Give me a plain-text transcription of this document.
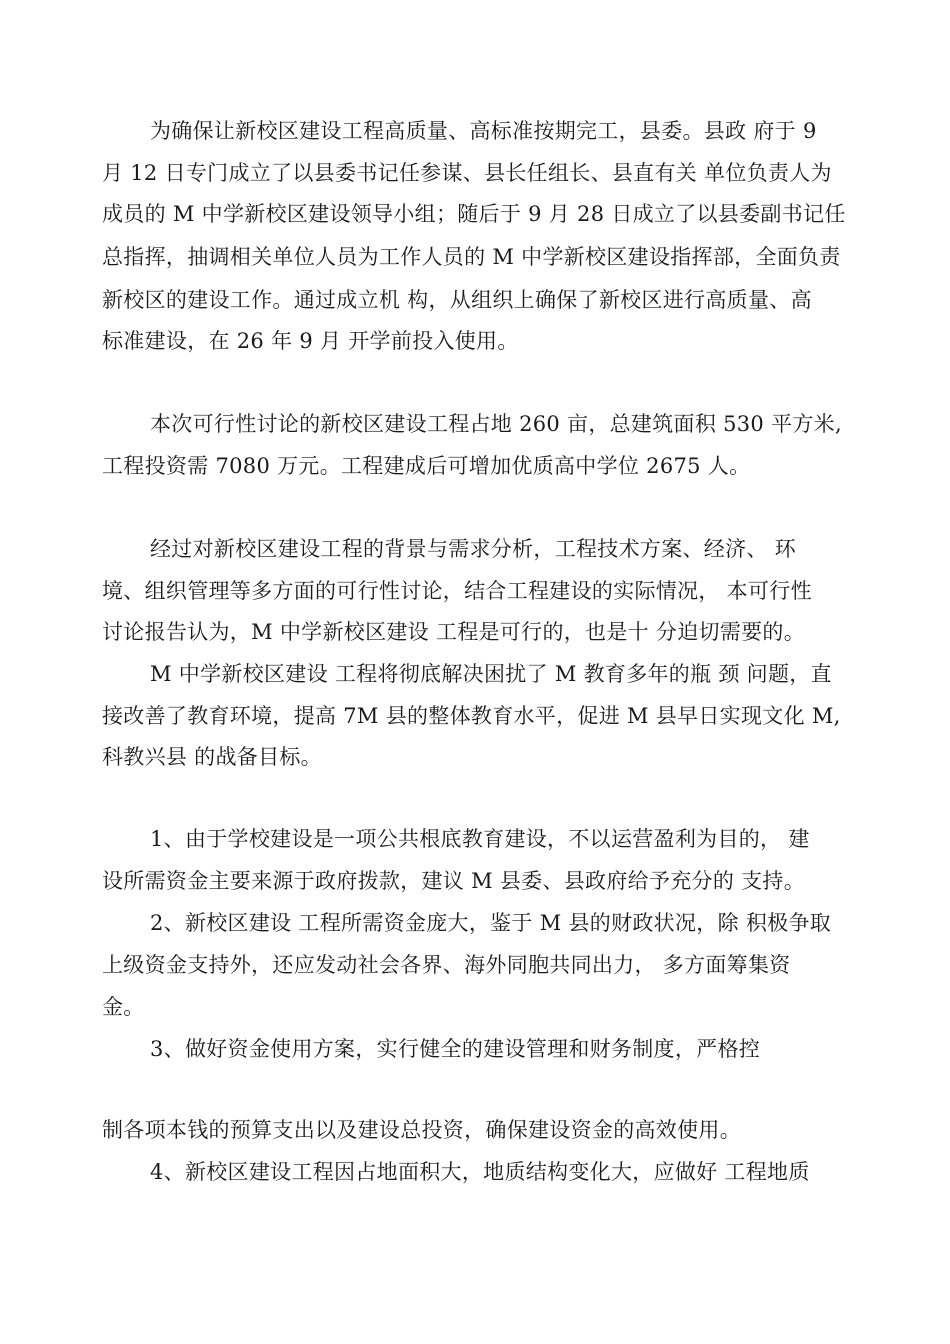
为确保让新校区建设工程高质量、高标准按期完工，县委。县政 府于 9
月 12 日专门成立了以县委书记任参谋、县长任组长、县直有关 单位负责人为
成员的 M 中学新校区建设领导小组；随后于 9 月 28 日成立了以县委副书记任
总指挥，抽调相关单位人员为工作人员的 M 中学新校区建设指挥部，全面负责
新校区的建设工作。通过成立机 构，从组织上确保了新校区进行高质量、高
标准建设，在 26 年 9 月 开学前投入使用。
本次可行性讨论的新校区建设工程占地 260 亩，总建筑面积 530 平方米,
工程投资需 7080 万元。工程建成后可增加优质高中学位 2675 人。
经过对新校区建设工程的背景与需求分析，工程技术方案、经济、 环
境、组织管理等多方面的可行性讨论，结合工程建设的实际情况， 本可行性
讨论报告认为，M 中学新校区建设 工程是可行的，也是十 分迫切需要的。
M 中学新校区建设 工程将彻底解决困扰了 M 教育多年的瓶 颈 问题，直
接改善了教育环境，提高 7M 县的整体教育水平，促进 M 县早日实现文化 M,
科教兴县 的战备目标。
1、由于学校建设是一项公共根底教育建设，不以运营盈利为目的， 建
设所需资金主要来源于政府拨款，建议 M 县委、县政府给予充分的 支持。
2、新校区建设 工程所需资金庞大，鉴于 M 县的财政状况，除 积极争取
上级资金支持外，还应发动社会各界、海外同胞共同出力， 多方面筹集资
金。
3、做好资金使用方案，实行健全的建设管理和财务制度，严格控
制各项本钱的预算支出以及建设总投资，确保建设资金的高效使用。
4、新校区建设工程因占地面积大，地质结构变化大，应做好 工程地质
